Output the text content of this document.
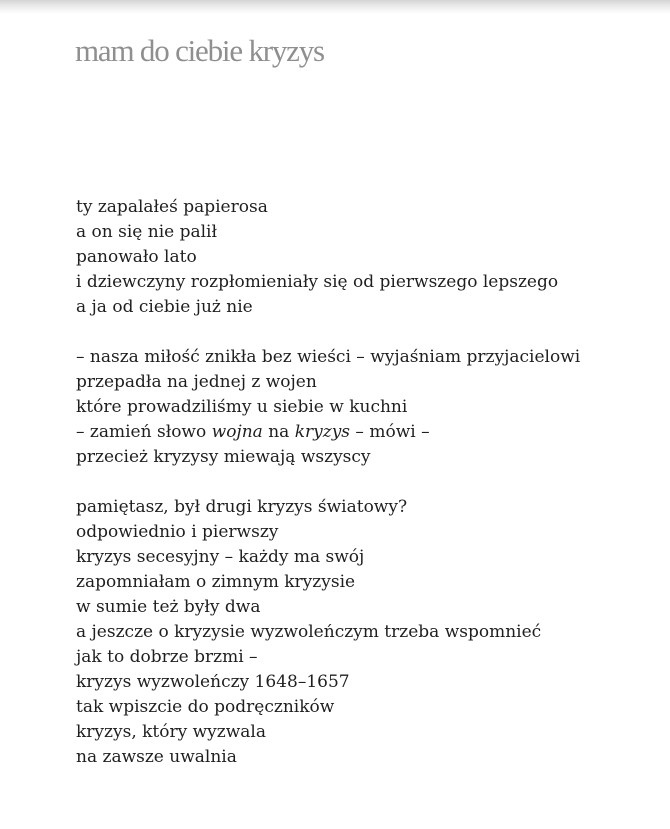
mam do ciebie kryzys
ty zapalałeś papierosa
a on się nie palił
panowało lato
i dziewczyny rozpłomieniały się od pierwszego lepszego
a ja od ciebie już nie
– nasza miłość znikła bez wieści – wyjaśniam przyjacielowi
przepadła na jednej z wojen
które prowadziliśmy u siebie w kuchni
– zamień słowo wojna na kryzys – mówi –
przecież kryzysy miewają wszyscy
pamiętasz, był drugi kryzys światowy?
odpowiednio i pierwszy
kryzys secesyjny – każdy ma swój
zapomniałam o zimnym kryzysie
w sumie też były dwa
a jeszcze o kryzysie wyzwoleńczym trzeba wspomnieć
jak to dobrze brzmi –
kryzys wyzwoleńczy 1648–1657
tak wpiszcie do podręczników
kryzys, który wyzwala
na zawsze uwalnia
